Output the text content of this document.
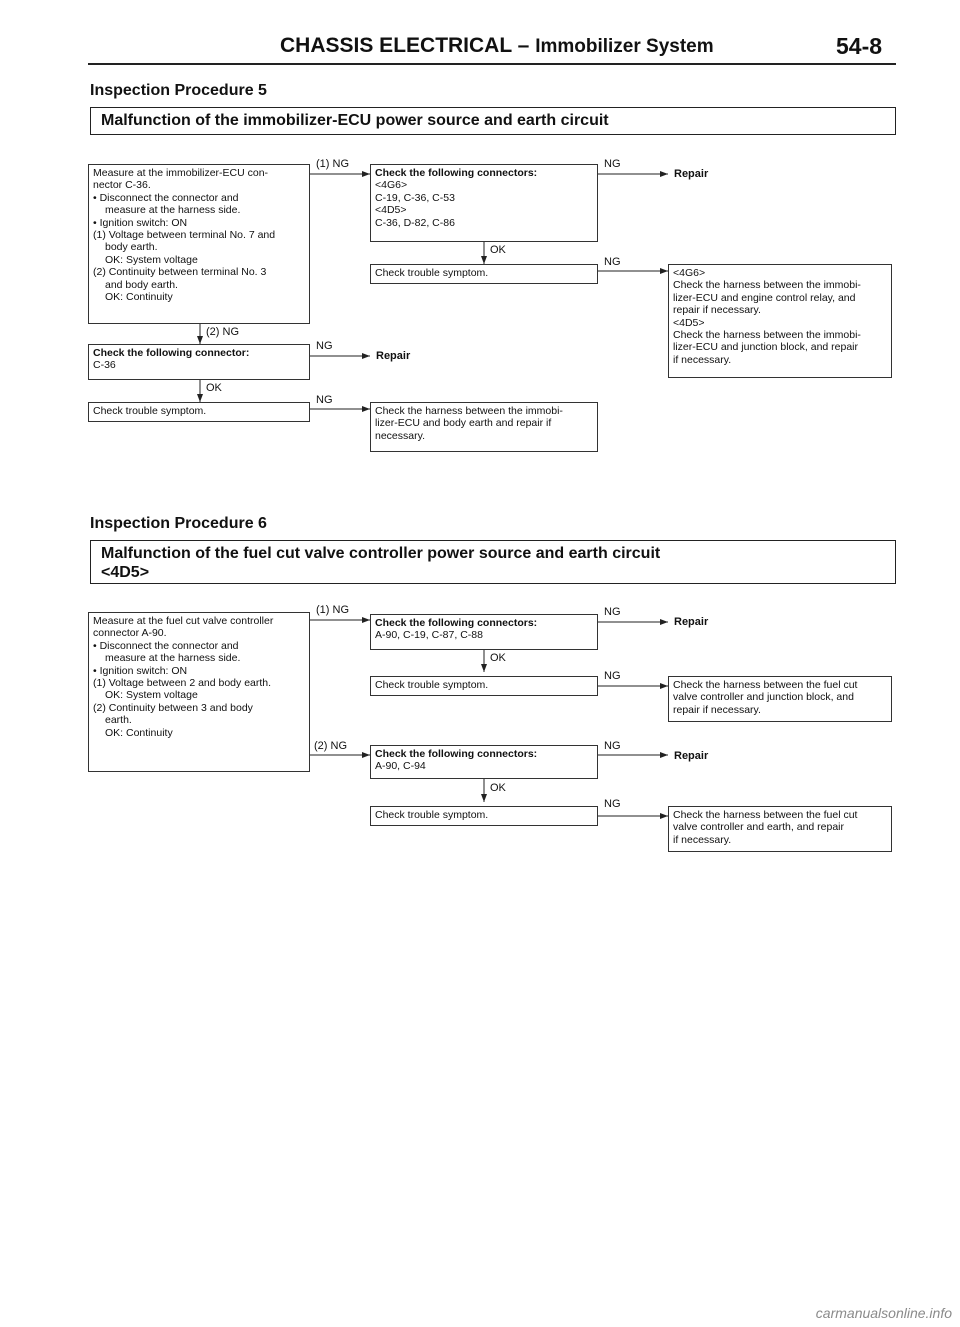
CHASSIS ELECTRICAL – Immobilizer System	54-8
Inspection Procedure 5
Malfunction of the immobilizer-ECU power source and earth circuit
Measure at the immobilizer-ECU con-
nector C-36.
• Disconnect the connector and
measure at the harness side.
• Ignition switch: ON
(1) Voltage between terminal No. 7 and
body earth.
OK: System voltage
(2) Continuity between terminal No. 3
and body earth.
OK: Continuity
(1) NG
Check the following connectors:
<4G6>
C-19, C-36, C-53
<4D5>
C-36, D-82, C-86
NG
Repair
OK
Check trouble symptom.
NG
<4G6>
Check the harness between the immobi-
lizer-ECU and engine control relay, and
repair if necessary.
<4D5>
Check the harness between the immobi-
lizer-ECU and junction block, and repair
if necessary.
(2) NG
Check the following connector:
C-36
NG
Repair
OK
Check trouble symptom.
NG
Check the harness between the immobi-
lizer-ECU and body earth and repair if
necessary.
Inspection Procedure 6
Malfunction of the fuel cut valve controller power source and earth circuit
<4D5>
Measure at the fuel cut valve controller
connector A-90.
• Disconnect the connector and
measure at the harness side.
• Ignition switch: ON
(1) Voltage between 2 and body earth.
OK: System voltage
(2) Continuity between 3 and body
earth.
OK: Continuity
(1) NG
Check the following connectors:
A-90, C-19, C-87, C-88
NG
Repair
OK
Check trouble symptom.
NG
Check the harness between the fuel cut
valve controller and junction block, and
repair if necessary.
(2) NG
Check the following connectors:
A-90, C-94
NG
Repair
OK
Check trouble symptom.
NG
Check the harness between the fuel cut
valve controller and earth, and repair
if necessary.
carmanualsonline.info
